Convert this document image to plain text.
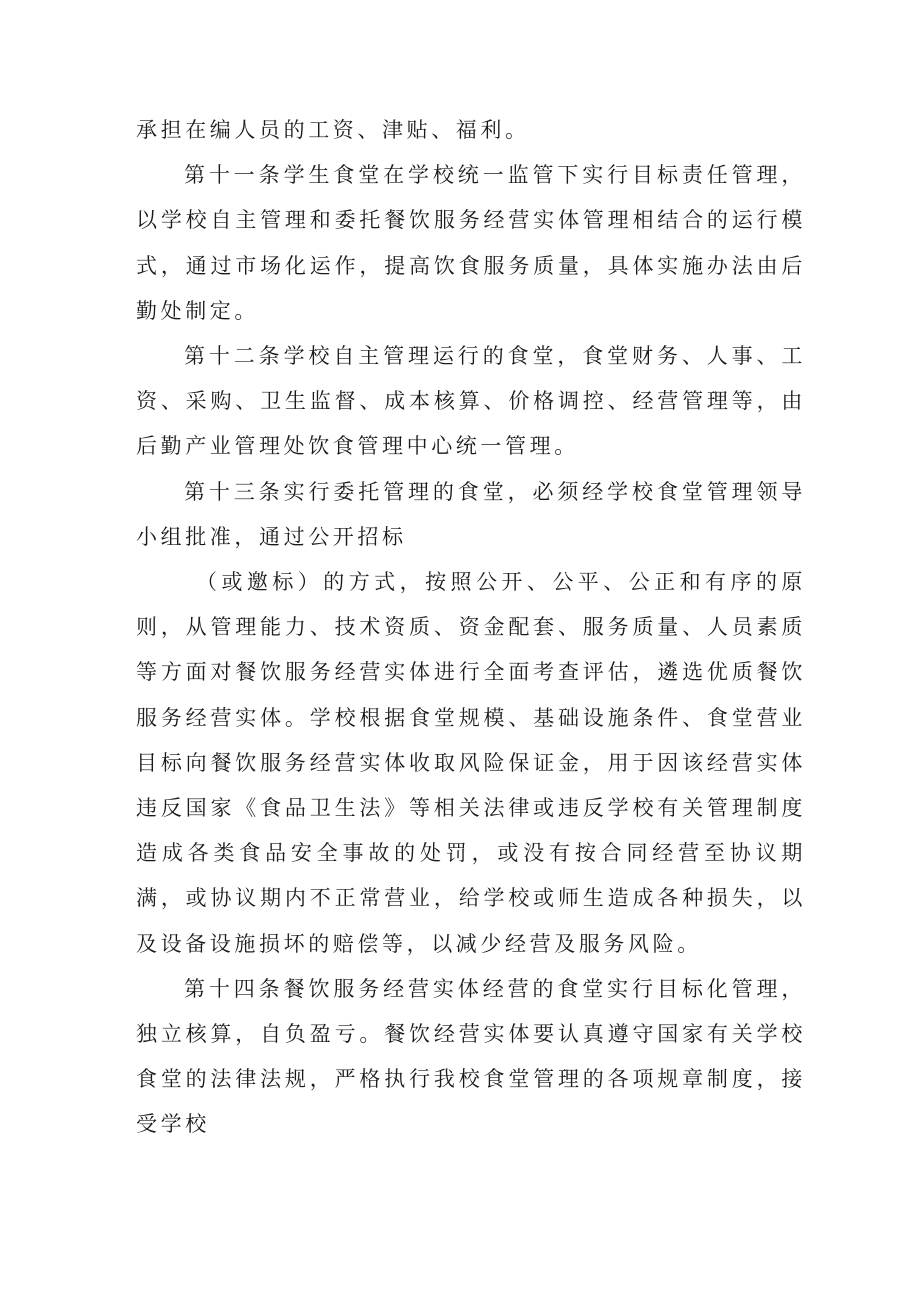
承担在编人员的工资、津贴、福利。

第十一条学生食堂在学校统一监管下实行目标责任管理，以学校自主管理和委托餐饮服务经营实体管理相结合的运行模式，通过市场化运作，提高饮食服务质量，具体实施办法由后勤处制定。

第十二条学校自主管理运行的食堂，食堂财务、人事、工资、采购、卫生监督、成本核算、价格调控、经营管理等，由后勤产业管理处饮食管理中心统一管理。

第十三条实行委托管理的食堂，必须经学校食堂管理领导小组批准，通过公开招标

（或邀标）的方式，按照公开、公平、公正和有序的原则，从管理能力、技术资质、资金配套、服务质量、人员素质等方面对餐饮服务经营实体进行全面考查评估，遴选优质餐饮服务经营实体。学校根据食堂规模、基础设施条件、食堂营业目标向餐饮服务经营实体收取风险保证金，用于因该经营实体违反国家《食品卫生法》等相关法律或违反学校有关管理制度造成各类食品安全事故的处罚，或没有按合同经营至协议期满，或协议期内不正常营业，给学校或师生造成各种损失，以及设备设施损坏的赔偿等，以减少经营及服务风险。

第十四条餐饮服务经营实体经营的食堂实行目标化管理，独立核算，自负盈亏。餐饮经营实体要认真遵守国家有关学校食堂的法律法规，严格执行我校食堂管理的各项规章制度，接受学校
